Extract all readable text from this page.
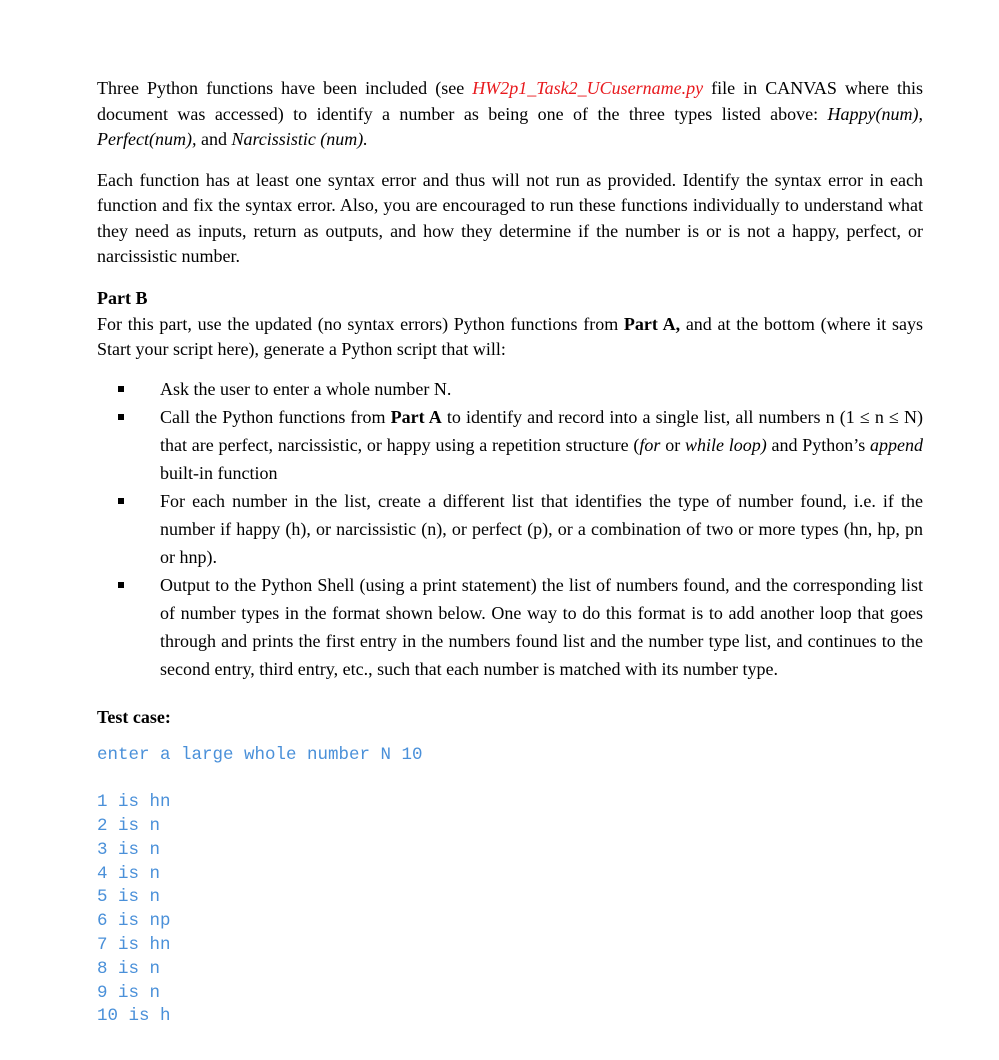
Three Python functions have been included (see HW2p1_Task2_UCusername.py file in CANVAS where this document was accessed) to identify a number as being one of the three types listed above: Happy(num), Perfect(num), and Narcissistic (num).

Each function has at least one syntax error and thus will not run as provided. Identify the syntax error in each function and fix the syntax error. Also, you are encouraged to run these functions individually to understand what they need as inputs, return as outputs, and how they determine if the number is or is not a happy, perfect, or narcissistic number.

Part B

For this part, use the updated (no syntax errors) Python functions from Part A, and at the bottom (where it says Start your script here), generate a Python script that will:

Ask the user to enter a whole number N.
Call the Python functions from Part A to identify and record into a single list, all numbers n (1 ≤ n ≤ N) that are perfect, narcissistic, or happy using a repetition structure (for or while loop) and Python’s append built-in function
For each number in the list, create a different list that identifies the type of number found, i.e. if the number if happy (h), or narcissistic (n), or perfect (p), or a combination of two or more types (hn, hp, pn or hnp).
Output to the Python Shell (using a print statement) the list of numbers found, and the corresponding list of number types in the format shown below. One way to do this format is to add another loop that goes through and prints the first entry in the numbers found list and the number type list, and continues to the second entry, third entry, etc., such that each number is matched with its number type.
Test case:
enter a large whole number N 10
1 is hn
2 is n
3 is n
4 is n
5 is n
6 is np
7 is hn
8 is n
9 is n
10 is h
